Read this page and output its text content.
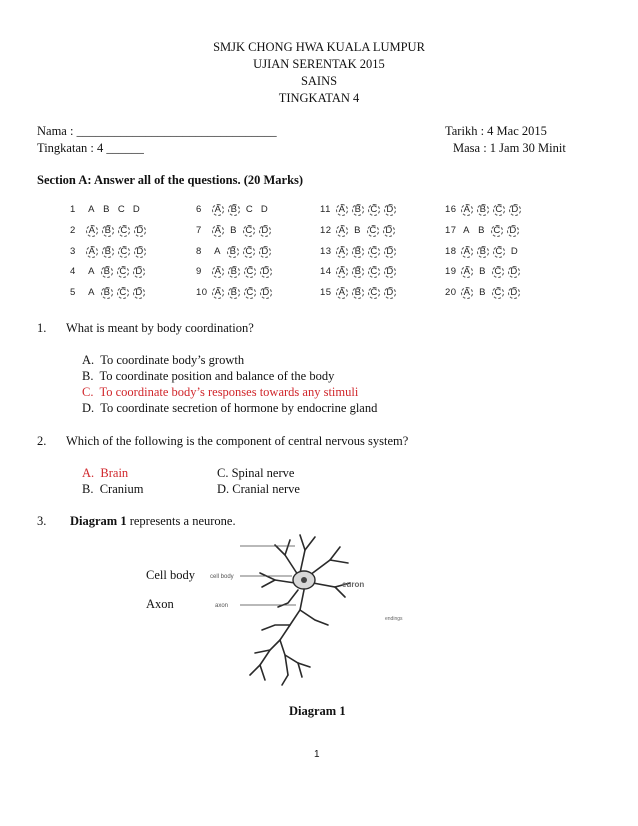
SMJK CHONG HWA KUALA LUMPUR
UJIAN SERENTAK 2015
SAINS
TINGKATAN 4
Nama : ________________________________	Tarikh : 4 Mac 2015
Tingkatan : 4 ______	Masa : 1 Jam 30 Minit
Section A: Answer all of the questions. (20 Marks)
1 A B C D	6 A B C D	11 A B C D	16 A B C D
2 A B C D	7 A B C D	12 A B C D	17 A B C D
3 A B C D	8 A B C D	13 A B C D	18 A B C D
4 A B C D	9 A B C D	14 A B C D	19 A B C D
5 A B C D	10 A B C D	15 A B C D	20 A B C D
1. What is meant by body coordination?
A. To coordinate body’s growth
B. To coordinate position and balance of the body
C. To coordinate body’s responses towards any stimuli
D. To coordinate secretion of hormone by endocrine gland
2. Which of the following is the component of central nervous system?
A. Brain	C. Spinal nerve
B. Cranium	D. Cranial nerve
3. Diagram 1 represents a neurone.
Cell body
Axon
cell body
axon
euron
endings
Diagram 1
1
